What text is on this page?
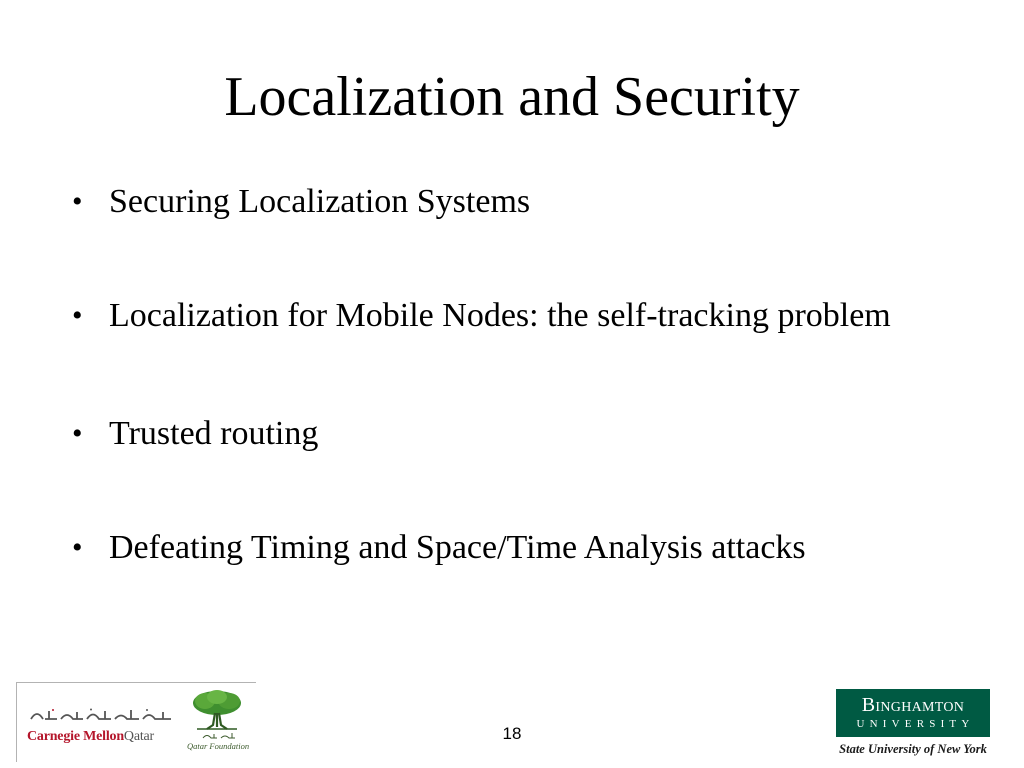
Localization and Security
• Securing Localization Systems
• Localization for Mobile Nodes: the self-tracking problem
• Trusted routing
• Defeating Timing and Space/Time Analysis attacks
Carnegie MellonQatar
Qatar Foundation
18
Binghamton
UNIVERSITY
State University of New York
